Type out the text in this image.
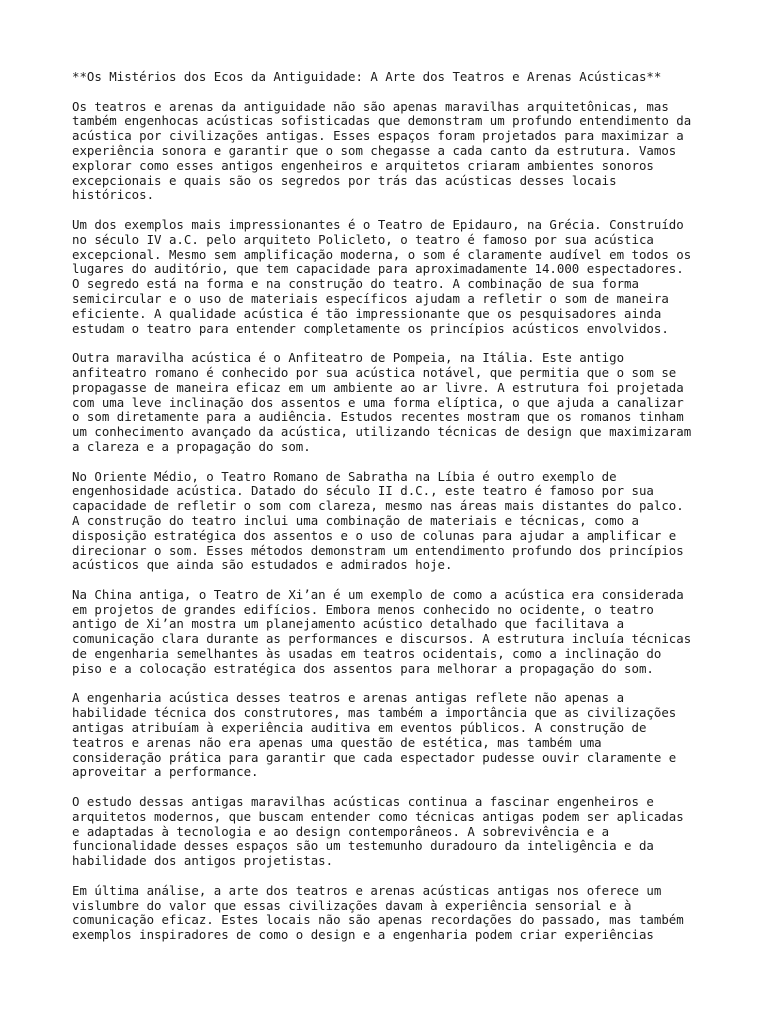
**Os Mistérios dos Ecos da Antiguidade: A Arte dos Teatros e Arenas Acústicas**
Os teatros e arenas da antiguidade não são apenas maravilhas arquitetônicas, mas
também engenhocas acústicas sofisticadas que demonstram um profundo entendimento da
acústica por civilizações antigas. Esses espaços foram projetados para maximizar a
experiência sonora e garantir que o som chegasse a cada canto da estrutura. Vamos
explorar como esses antigos engenheiros e arquitetos criaram ambientes sonoros
excepcionais e quais são os segredos por trás das acústicas desses locais
históricos.
Um dos exemplos mais impressionantes é o Teatro de Epidauro, na Grécia. Construído
no século IV a.C. pelo arquiteto Policleto, o teatro é famoso por sua acústica
excepcional. Mesmo sem amplificação moderna, o som é claramente audível em todos os
lugares do auditório, que tem capacidade para aproximadamente 14.000 espectadores.
O segredo está na forma e na construção do teatro. A combinação de sua forma
semicircular e o uso de materiais específicos ajudam a refletir o som de maneira
eficiente. A qualidade acústica é tão impressionante que os pesquisadores ainda
estudam o teatro para entender completamente os princípios acústicos envolvidos.
Outra maravilha acústica é o Anfiteatro de Pompeia, na Itália. Este antigo
anfiteatro romano é conhecido por sua acústica notável, que permitia que o som se
propagasse de maneira eficaz em um ambiente ao ar livre. A estrutura foi projetada
com uma leve inclinação dos assentos e uma forma elíptica, o que ajuda a canalizar
o som diretamente para a audiência. Estudos recentes mostram que os romanos tinham
um conhecimento avançado da acústica, utilizando técnicas de design que maximizaram
a clareza e a propagação do som.
No Oriente Médio, o Teatro Romano de Sabratha na Líbia é outro exemplo de
engenhosidade acústica. Datado do século II d.C., este teatro é famoso por sua
capacidade de refletir o som com clareza, mesmo nas áreas mais distantes do palco.
A construção do teatro inclui uma combinação de materiais e técnicas, como a
disposição estratégica dos assentos e o uso de colunas para ajudar a amplificar e
direcionar o som. Esses métodos demonstram um entendimento profundo dos princípios
acústicos que ainda são estudados e admirados hoje.
Na China antiga, o Teatro de Xi’an é um exemplo de como a acústica era considerada
em projetos de grandes edifícios. Embora menos conhecido no ocidente, o teatro
antigo de Xi’an mostra um planejamento acústico detalhado que facilitava a
comunicação clara durante as performances e discursos. A estrutura incluía técnicas
de engenharia semelhantes às usadas em teatros ocidentais, como a inclinação do
piso e a colocação estratégica dos assentos para melhorar a propagação do som.
A engenharia acústica desses teatros e arenas antigas reflete não apenas a
habilidade técnica dos construtores, mas também a importância que as civilizações
antigas atribuíam à experiência auditiva em eventos públicos. A construção de
teatros e arenas não era apenas uma questão de estética, mas também uma
consideração prática para garantir que cada espectador pudesse ouvir claramente e
aproveitar a performance.
O estudo dessas antigas maravilhas acústicas continua a fascinar engenheiros e
arquitetos modernos, que buscam entender como técnicas antigas podem ser aplicadas
e adaptadas à tecnologia e ao design contemporâneos. A sobrevivência e a
funcionalidade desses espaços são um testemunho duradouro da inteligência e da
habilidade dos antigos projetistas.
Em última análise, a arte dos teatros e arenas acústicas antigas nos oferece um
vislumbre do valor que essas civilizações davam à experiência sensorial e à
comunicação eficaz. Estes locais não são apenas recordações do passado, mas também
exemplos inspiradores de como o design e a engenharia podem criar experiências
